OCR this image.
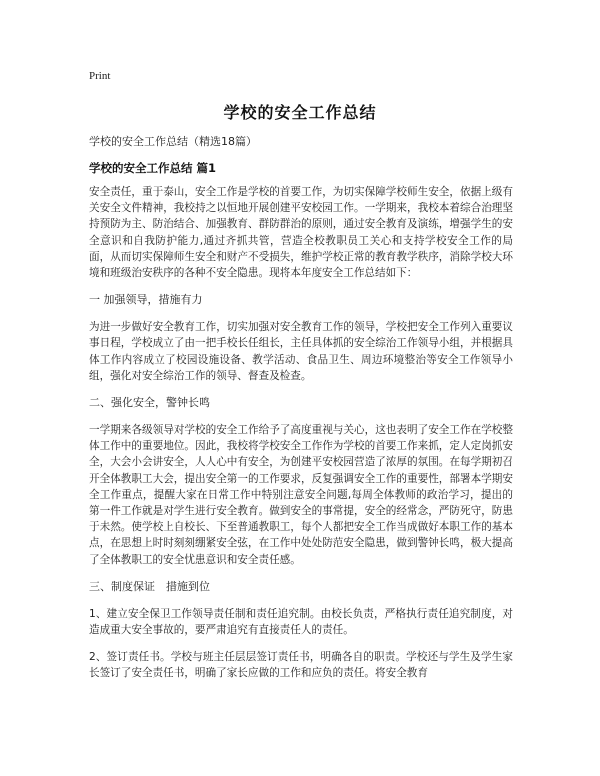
Print
学校的安全工作总结
学校的安全工作总结（精选18篇）
学校的安全工作总结 篇1

安全责任，重于泰山，安全工作是学校的首要工作，为切实保障学校师生安全，依据上级有关安全文件精神，我校持之以恒地开展创建平安校园工作。一学期来，我校本着综合治理坚持预防为主、防治结合、加强教育、群防群治的原则，通过安全教育及演练，增强学生的安全意识和自我防护能力,通过齐抓共管，营造全校教职员工关心和支持学校安全工作的局面，从而切实保障师生安全和财产不受损失，维护学校正常的教育教学秩序，消除学校大环境和班级治安秩序的各种不安全隐患。现将本年度安全工作总结如下：

一 加强领导，措施有力

为进一步做好安全教育工作，切实加强对安全教育工作的领导，学校把安全工作列入重要议事日程，学校成立了由一把手校长任组长，主任具体抓的安全综治工作领导小组，并根据具体工作内容成立了校园设施设备、教学活动、食品卫生、周边环境整治等安全工作领导小组，强化对安全综治工作的领导、督查及检查。

二、强化安全，警钟长鸣

一学期来各级领导对学校的安全工作给予了高度重视与关心，这也表明了安全工作在学校整体工作中的重要地位。因此，我校将学校安全工作作为学校的首要工作来抓，定人定岗抓安全，大会小会讲安全，人人心中有安全，为创建平安校园营造了浓厚的氛围。在每学期初召开全体教职工大会，提出安全第一的工作要求，反复强调安全工作的重要性，部署本学期安全工作重点，提醒大家在日常工作中特别注意安全问题,每周全体教师的政治学习，提出的第一件工作就是对学生进行安全教育。做到安全的事常提，安全的经常念，严防死守，防患于未然。使学校上自校长、下至普通教职工，每个人都把安全工作当成做好本职工作的基本点，在思想上时时刻刻绷紧安全弦，在工作中处处防范安全隐患，做到警钟长鸣，极大提高了全体教职工的安全忧患意识和安全责任感。

三、制度保证　措施到位

1、建立安全保卫工作领导责任制和责任追究制。由校长负责，严格执行责任追究制度，对造成重大安全事故的，要严肃追究有直接责任人的责任。

2、签订责任书。学校与班主任层层签订责任书，明确各自的职责。学校还与学生及学生家长签订了安全责任书，明确了家长应做的工作和应负的责任。将安全教育
